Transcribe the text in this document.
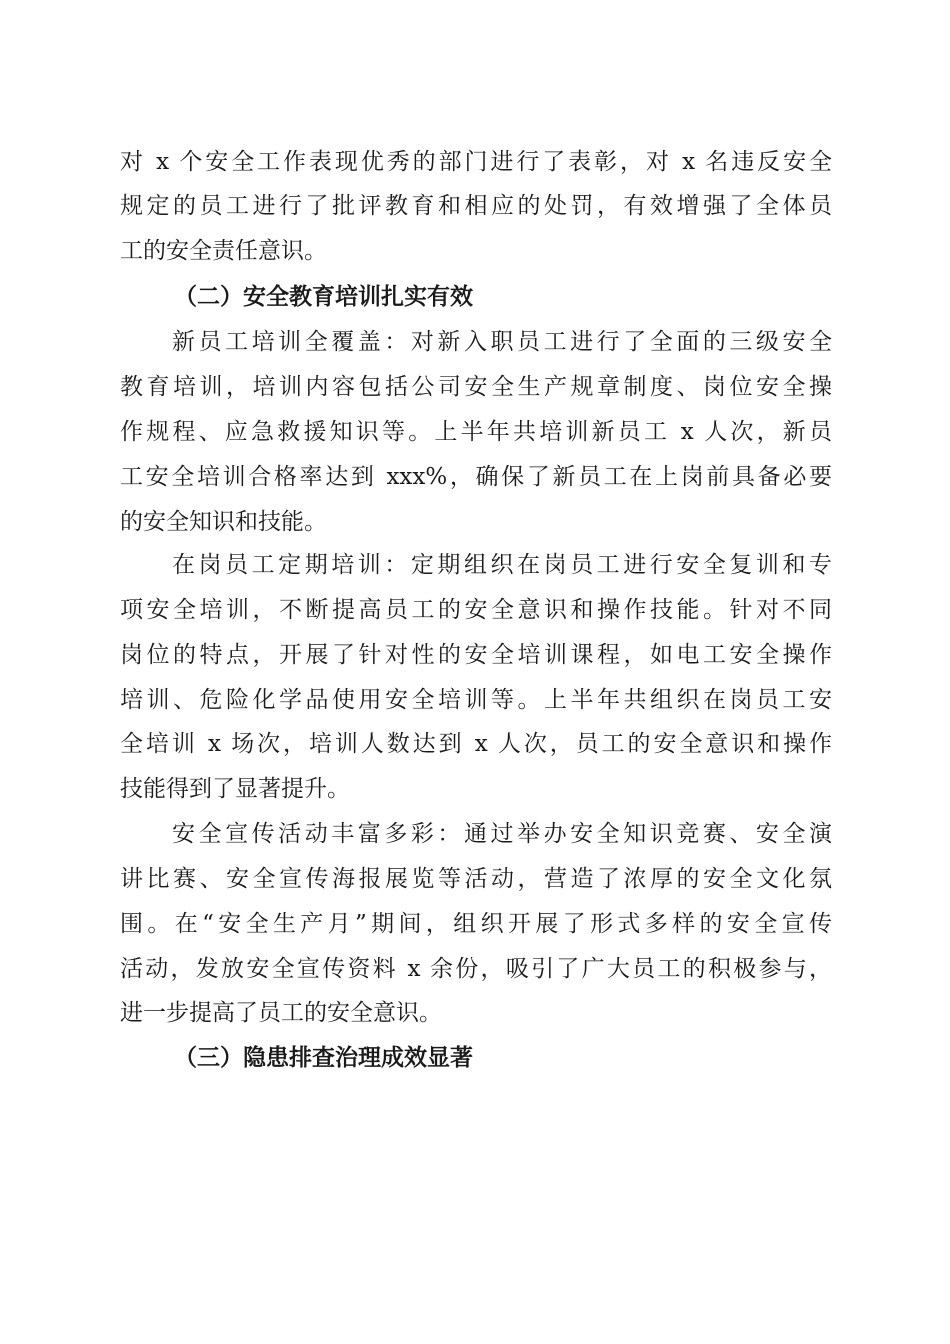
对 x 个安全工作表现优秀的部门进行了表彰，对 x 名违反安全
规定的员工进行了批评教育和相应的处罚，有效增强了全体员
工的安全责任意识。
（二）安全教育培训扎实有效
新员工培训全覆盖：对新入职员工进行了全面的三级安全
教育培训，培训内容包括公司安全生产规章制度、岗位安全操
作规程、应急救援知识等。上半年共培训新员工 x 人次，新员
工安全培训合格率达到 xxx%，确保了新员工在上岗前具备必要
的安全知识和技能。
在岗员工定期培训：定期组织在岗员工进行安全复训和专
项安全培训，不断提高员工的安全意识和操作技能。针对不同
岗位的特点，开展了针对性的安全培训课程，如电工安全操作
培训、危险化学品使用安全培训等。上半年共组织在岗员工安
全培训 x 场次，培训人数达到 x 人次，员工的安全意识和操作
技能得到了显著提升。
安全宣传活动丰富多彩：通过举办安全知识竞赛、安全演
讲比赛、安全宣传海报展览等活动，营造了浓厚的安全文化氛
围。在“安全生产月”期间，组织开展了形式多样的安全宣传
活动，发放安全宣传资料 x 余份，吸引了广大员工的积极参与，
进一步提高了员工的安全意识。
（三）隐患排查治理成效显著
